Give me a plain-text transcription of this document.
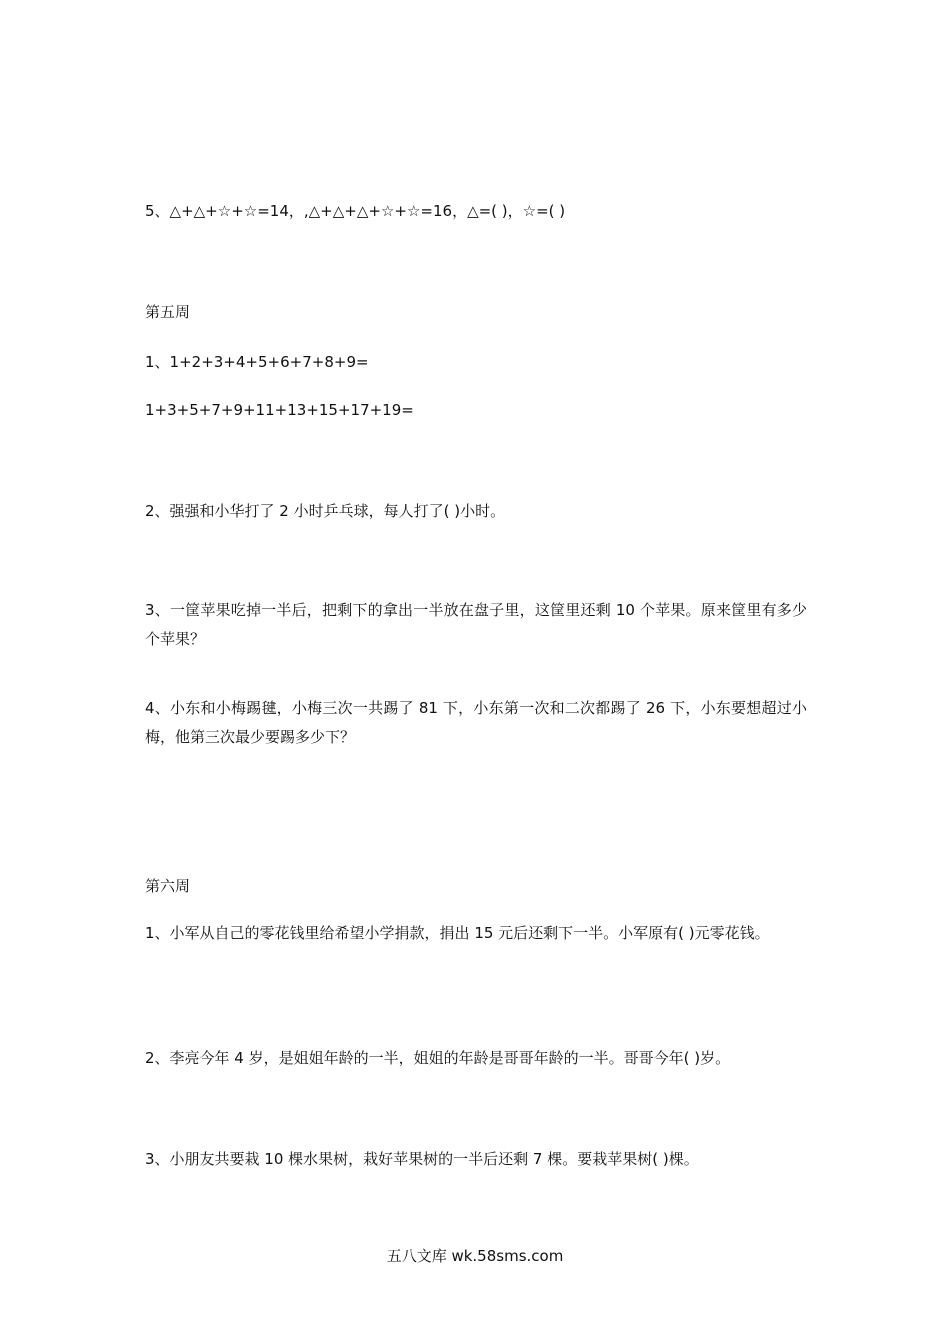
5、△+△+☆+☆=14，,△+△+△+☆+☆=16，△=( )，☆=( )
第五周
1、1+2+3+4+5+6+7+8+9=
1+3+5+7+9+11+13+15+17+19=
2、强强和小华打了 2 小时乒乓球，每人打了( )小时。
3、一筐苹果吃掉一半后，把剩下的拿出一半放在盘子里，这筐里还剩 10 个苹果。原来筐里有多少个苹果？
4、小东和小梅踢毽，小梅三次一共踢了 81 下，小东第一次和二次都踢了 26 下，小东要想超过小梅，他第三次最少要踢多少下？
第六周
1、小军从自己的零花钱里给希望小学捐款，捐出 15 元后还剩下一半。小军原有( )元零花钱。
2、李亮今年 4 岁，是姐姐年龄的一半，姐姐的年龄是哥哥年龄的一半。哥哥今年( )岁。
3、小朋友共要栽 10 棵水果树，栽好苹果树的一半后还剩 7 棵。要栽苹果树( )棵。
五八文库 wk.58sms.com
